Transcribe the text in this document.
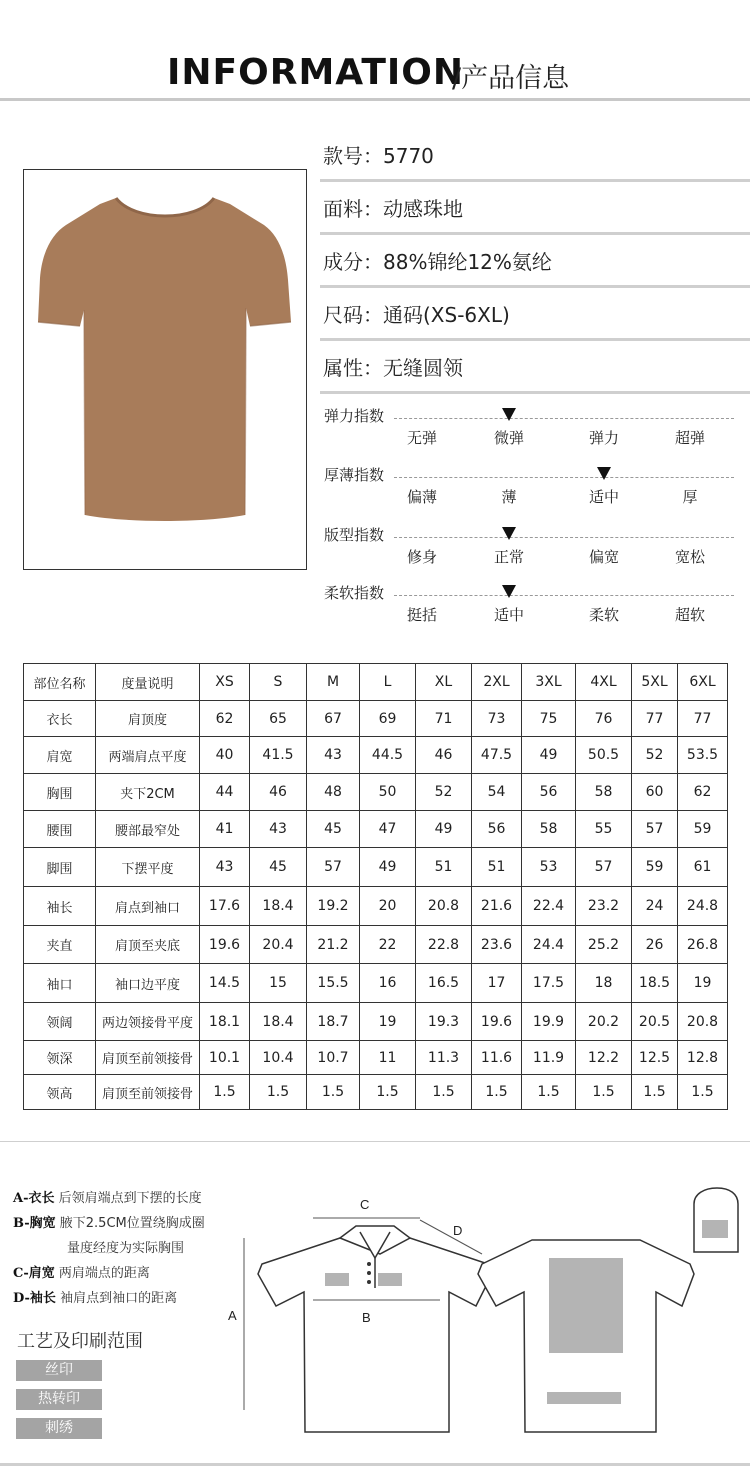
INFORMATION
/产品信息
款号：5770
面料：动感珠地
成分：88%锦纶12%氨纶
尺码：通码(XS-6XL)
属性：无缝圆领
弹力指数
无弹	微弹	弹力	超弹
厚薄指数
偏薄	薄	适中	厚
版型指数
修身	正常	偏宽	宽松
柔软指数
挺括	适中	柔软	超软
部位名称	度量说明	XS	S	M	L	XL	2XL	3XL	4XL	5XL	6XL
衣长	肩顶度	62	65	67	69	71	73	75	76	77	77
肩宽	两端肩点平度	40	41.5	43	44.5	46	47.5	49	50.5	52	53.5
胸围	夹下2CM	44	46	48	50	52	54	56	58	60	62
腰围	腰部最窄处	41	43	45	47	49	56	58	55	57	59
脚围	下摆平度	43	45	57	49	51	51	53	57	59	61
袖长	肩点到袖口	17.6	18.4	19.2	20	20.8	21.6	22.4	23.2	24	24.8
夹直	肩顶至夹底	19.6	20.4	21.2	22	22.8	23.6	24.4	25.2	26	26.8
袖口	袖口边平度	14.5	15	15.5	16	16.5	17	17.5	18	18.5	19
领阔	两边领接骨平度	18.1	18.4	18.7	19	19.3	19.6	19.9	20.2	20.5	20.8
领深	肩顶至前领接骨	10.1	10.4	10.7	11	11.3	11.6	11.9	12.2	12.5	12.8
领高	肩顶至前领接骨	1.5	1.5	1.5	1.5	1.5	1.5	1.5	1.5	1.5	1.5
A-衣长 后领肩端点到下摆的长度
B-胸宽 腋下2.5CM位置绕胸成圈
量度经度为实际胸围
C-肩宽 两肩端点的距离
D-袖长 袖肩点到袖口的距离
工艺及印刷范围
丝印
热转印
刺绣
A	B
C
D
